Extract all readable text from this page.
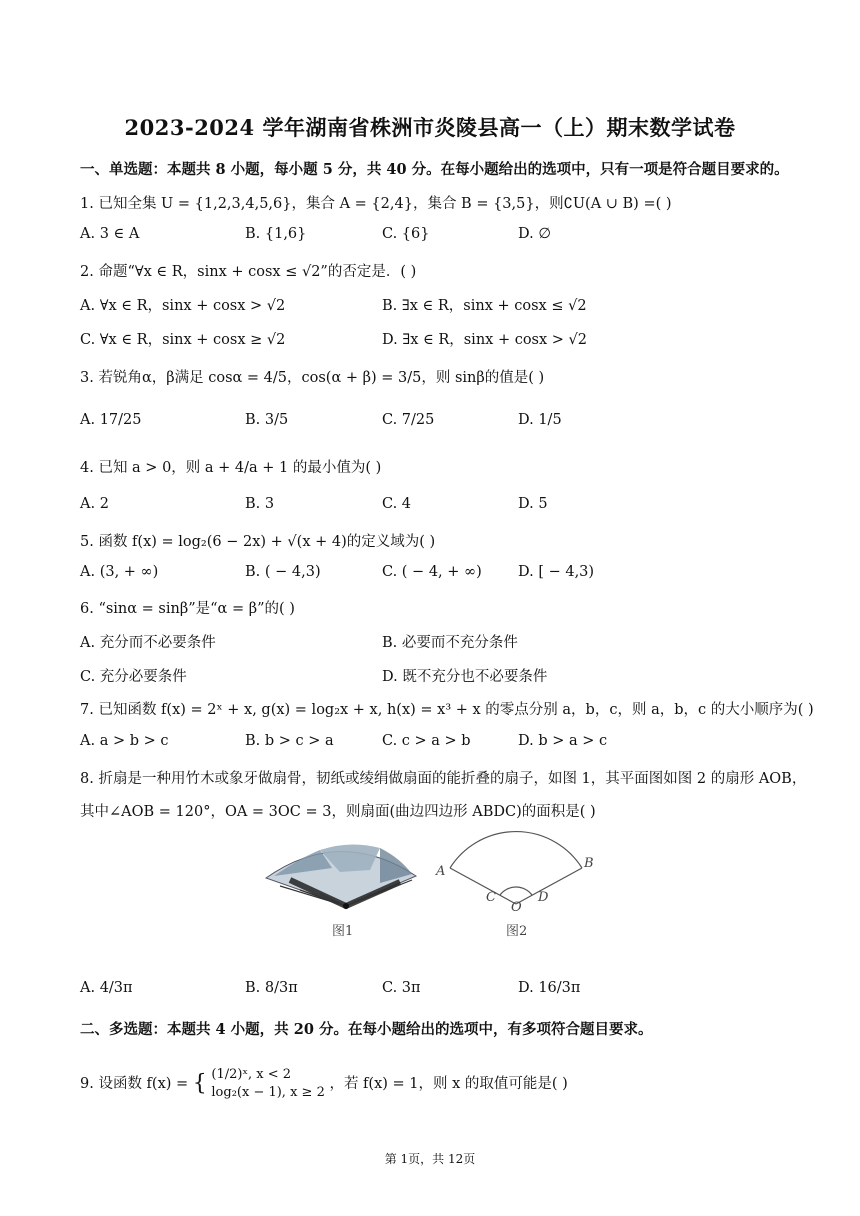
2023-2024 学年湖南省株洲市炎陵县高一（上）期末数学试卷
一、单选题：本题共 8 小题，每小题 5 分，共 40 分。在每小题给出的选项中，只有一项是符合题目要求的。
1. 已知全集 U = {1,2,3,4,5,6}，集合 A = {2,4}，集合 B = {3,5}，则∁U(A ∪ B) =( )
A. 3 ∈ A	B. {1,6}	C. {6}	D. ∅
2. 命题“∀x ∈ R，sinx + cosx ≤ √2”的否定是．( )
A. ∀x ∈ R，sinx + cosx > √2	B. ∃x ∈ R，sinx + cosx ≤ √2
C. ∀x ∈ R，sinx + cosx ≥ √2	D. ∃x ∈ R，sinx + cosx > √2
3. 若锐角α，β满足 cosα = 4/5，cos(α + β) = 3/5，则 sinβ的值是( )
A. 17/25	B. 3/5	C. 7/25	D. 1/5
4. 已知 a > 0，则 a + 4/a + 1 的最小值为( )
A. 2	B. 3	C. 4	D. 5
5. 函数 f(x) = log₂(6 − 2x) + √(x + 4)的定义域为( )
A. (3, + ∞)	B. ( − 4,3)	C. ( − 4, + ∞) D. [ − 4,3)
6. “sinα = sinβ”是“α = β”的( )
A. 充分而不必要条件	B. 必要而不充分条件
C. 充分必要条件	D. 既不充分也不必要条件
7. 已知函数 f(x) = 2ˣ + x, g(x) = log₂x + x, h(x) = x³ + x 的零点分别 a，b，c，则 a，b，c 的大小顺序为( )
A. a > b > c	B. b > c > a	C. c > a > b	D. b > a > c
8. 折扇是一种用竹木或象牙做扇骨，韧纸或绫绢做扇面的能折叠的扇子，如图 1，其平面图如图 2 的扇形 AOB，
其中∠AOB = 120°，OA = 3OC = 3，则扇面(曲边四边形 ABDC)的面积是( )
A
B
C	D
O
图1	图2
A. 4/3π	B. 8/3π	C. 3π	D. 16/3π
二、多选题：本题共 4 小题，共 20 分。在每小题给出的选项中，有多项符合题目要求。
9. 设函数 f(x) = { (1/2)ˣ, x < 2
log₂(x − 1), x ≥ 2
，若 f(x) = 1，则 x 的取值可能是( )
第 1页，共 12页
